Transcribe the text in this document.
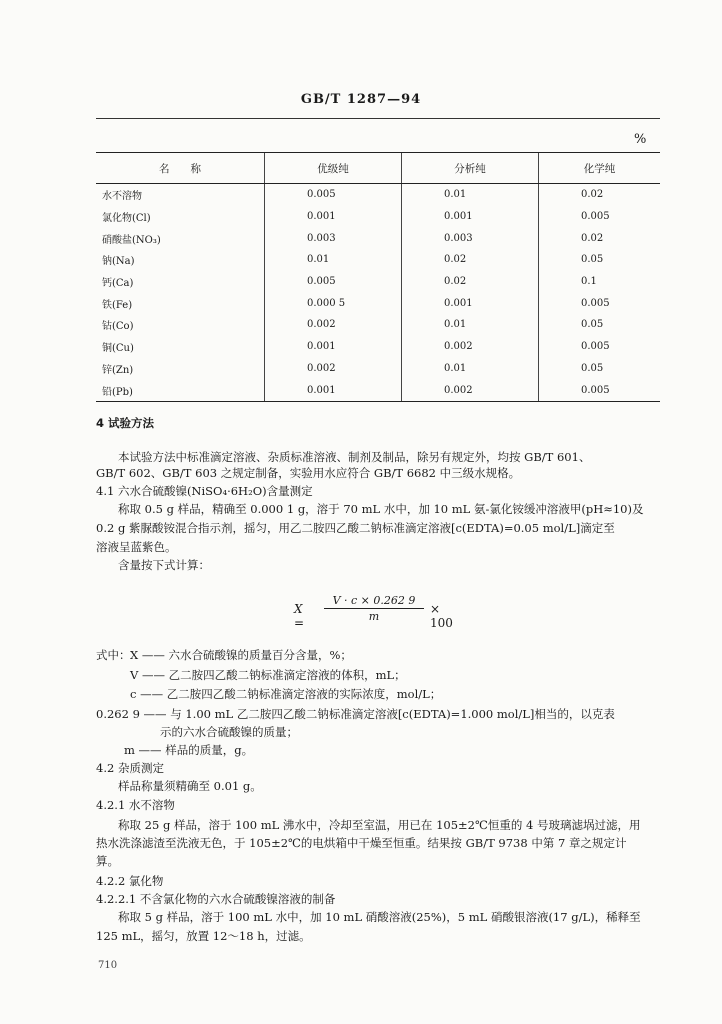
GB/T 1287—94
%
名　　称	优级纯	分析纯	化学纯
水不溶物	0.005	0.01	0.02
氯化物(Cl)	0.001	0.001	0.005
硝酸盐(NO₃)	0.003	0.003	0.02
钠(Na)	0.01	0.02	0.05
钙(Ca)	0.005	0.02	0.1
铁(Fe)	0.000 5	0.001	0.005
钴(Co)	0.002	0.01	0.05
铜(Cu)	0.001	0.002	0.005
锌(Zn)	0.002	0.01	0.05
铅(Pb)	0.001	0.002	0.005
4 试验方法
本试验方法中标准滴定溶液、杂质标准溶液、制剂及制品，除另有规定外，均按 GB/T 601、
GB/T 602、GB/T 603 之规定制备，实验用水应符合 GB/T 6682 中三级水规格。
4.1 六水合硫酸镍(NiSO₄·6H₂O)含量测定
称取 0.5 g 样品，精确至 0.000 1 g，溶于 70 mL 水中，加 10 mL 氨-氯化铵缓冲溶液甲(pH≈10)及
0.2 g 紫脲酸铵混合指示剂，摇匀，用乙二胺四乙酸二钠标准滴定溶液[c(EDTA)=0.05 mol/L]滴定至
溶液呈蓝紫色。
含量按下式计算：
$X = \frac{V \cdot c \times 0.262 9}{m} \times 100$
式中： X —— 六水合硫酸镍的质量百分含量，%；
V —— 乙二胺四乙酸二钠标准滴定溶液的体积，mL；
c —— 乙二胺四乙酸二钠标准滴定溶液的实际浓度，mol/L；
0.262 9 —— 与 1.00 mL 乙二胺四乙酸二钠标准滴定溶液[c(EDTA)=1.000 mol/L]相当的，以克表
示的六水合硫酸镍的质量；
m —— 样品的质量，g。
4.2 杂质测定
样品称量须精确至 0.01 g。
4.2.1 水不溶物
称取 25 g 样品，溶于 100 mL 沸水中，冷却至室温，用已在 105±2℃恒重的 4 号玻璃滤埚过滤，用
热水洗涤滤渣至洗液无色，于 105±2℃的电烘箱中干燥至恒重。结果按 GB/T 9738 中第 7 章之规定计
算。
4.2.2 氯化物
4.2.2.1 不含氯化物的六水合硫酸镍溶液的制备
称取 5 g 样品，溶于 100 mL 水中，加 10 mL 硝酸溶液(25%)，5 mL 硝酸银溶液(17 g/L)，稀释至
125 mL，摇匀，放置 12～18 h，过滤。
710
